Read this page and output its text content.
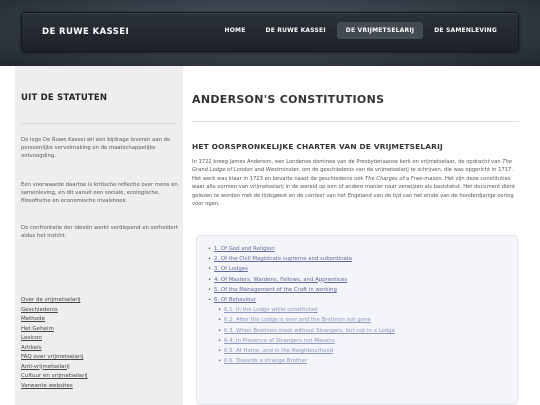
DE RUWE KASSEI	HOME	DE RUWE KASSEI	DE VRIJMETSELARIJ	DE SAMENLEVING
UIT DE STATUTEN

De loge De Ruwe Kassei wil een bijdrage leveren aan de persoonlijke vervolmaking en de maatschappelijke ontvoogding.

Een voorwaarde daartoe is kritische reflectie over mens en samenleving, en dit vanuit een sociale, ecologische, filosofische en economische invalshoek.

De confrontatie der ideeën werkt verdiepend en verheldert aldus het inzicht.

Over de vrijmetselarij
Geschiedenis
Methode
Het Geheim
Lexicon
Artikels
FAQ over vrijmetselarij
Anti-vrijmetselarij
Cultuur en vrijmetselarij
Verwante websites
ANDERSON'S CONSTITUTIONS
HET OORSPRONKELIJKE CHARTER VAN DE VRIJMETSELARIJ

In 1722 kreeg James Anderson, een Londense dominee van de Presbyteriaanse kerk en vrijmetselaar, de opdracht van The Grand Lodge of London and Westminster, om de geschiedenis van de vrijmetselarij te schrijven, die was opgericht in 1717. Het werk was klaar in 1723 en bevatte naast de geschiedenis ook The Charges of a Free-mason. Het zijn deze constituties waar alle vormen van vrijmetselarij in de wereld op een of andere manier naar verwijzen als basistekst. Het document dient gelezen te worden met de tijdsgeest en de context van het Engeland van de tijd van het einde van de honderdjarige oorlog voor ogen.

• 1. Of God and Religion
• 2. Of the Civil Magistrate supreme and subordinate
• 3. Of Lodges
• 4. Of Masters, Wardens, Fellows, and Apprentices
• 5. Of the Management of the Craft in working
• 6. Of Behaviour
• 6.1. In the Lodge while constituted
• 6.2. After the Lodge is over and the Brethren not gone
• 6.3. When Brethren meet without Strangers, but not in a Lodge
• 6.4. In Presence of Strangers not Masons
• 6.5. At Home, and in the Neighbourhood
• 6.6. Towards a strange Brother
